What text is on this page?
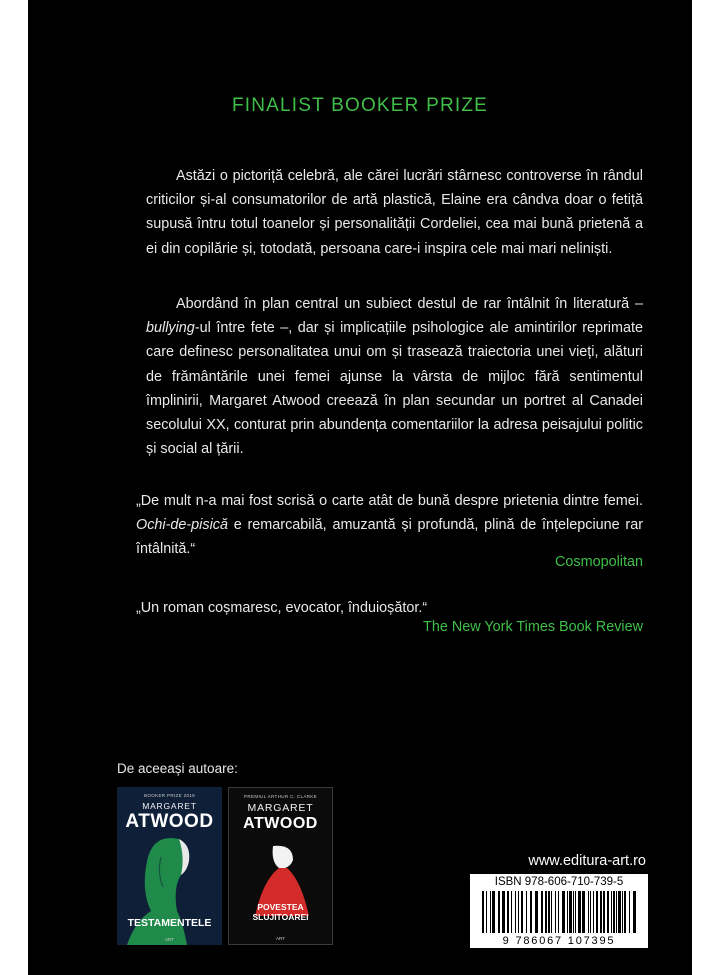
FINALIST BOOKER PRIZE

Astăzi o pictoriță celebră, ale cărei lucrări stârnesc controverse în rândul criticilor și-al consumatorilor de artă plastică, Elaine era cândva doar o fetiță supusă întru totul toanelor și personalității Cordeliei, cea mai bună prietenă a ei din copilărie și, totodată, persoana care-i inspira cele mai mari neliniști.

Abordând în plan central un subiect destul de rar întâlnit în literatură – bullying-ul între fete –, dar și implicațiile psihologice ale amintirilor reprimate care definesc personalitatea unui om și trasează traiectoria unei vieți, alături de frământările unei femei ajunse la vârsta de mijloc fără sentimentul împlinirii, Margaret Atwood creează în plan secundar un portret al Canadei secolului XX, conturat prin abundența comentariilor la adresa peisajului politic și social al țării.

„De mult n-a mai fost scrisă o carte atât de bună despre prietenia dintre femei. Ochi-de-pisică e remarcabilă, amuzantă și profundă, plină de înțelepciune rar întâlnită.“

Cosmopolitan

„Un roman coșmaresc, evocator, înduioșător.“

The New York Times Book Review
De aceeași autoare:
BOOKER PRIZE 2019
MARGARET
ATWOOD
TESTAMENTELE
ART
PREMIUL ARTHUR C. CLARKE
MARGARET
ATWOOD
POVESTEA
SLUJITOAREI
ART
www.editura-art.ro
ISBN 978-606-710-739-5
9 786067 107395
